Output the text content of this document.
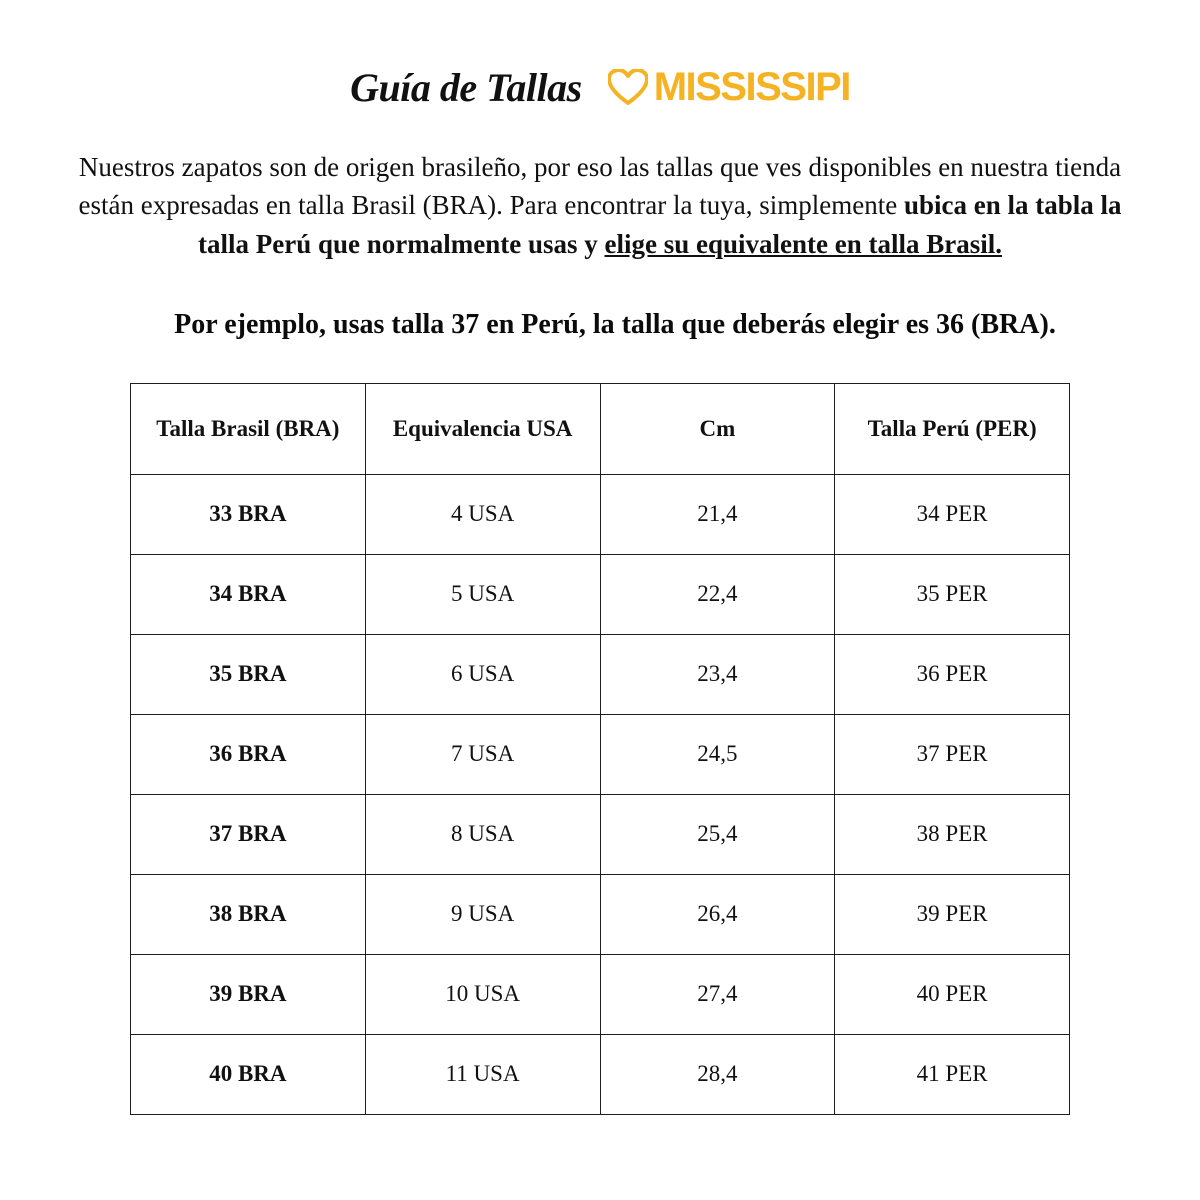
Guía de Tallas MISSISSIPI

Nuestros zapatos son de origen brasileño, por eso las tallas que ves disponibles en nuestra tienda están expresadas en talla Brasil (BRA). Para encontrar la tuya, simplemente ubica en la tabla la talla Perú que normalmente usas y elige su equivalente en talla Brasil.

Por ejemplo, usas talla 37 en Perú, la talla que deberás elegir es 36 (BRA).

Talla Brasil (BRA)	Equivalencia USA	Cm	Talla Perú (PER)
33 BRA	4 USA	21,4	34 PER
34 BRA	5 USA	22,4	35 PER
35 BRA	6 USA	23,4	36 PER
36 BRA	7 USA	24,5	37 PER
37 BRA	8 USA	25,4	38 PER
38 BRA	9 USA	26,4	39 PER
39 BRA	10 USA	27,4	40 PER
40 BRA	11 USA	28,4	41 PER
